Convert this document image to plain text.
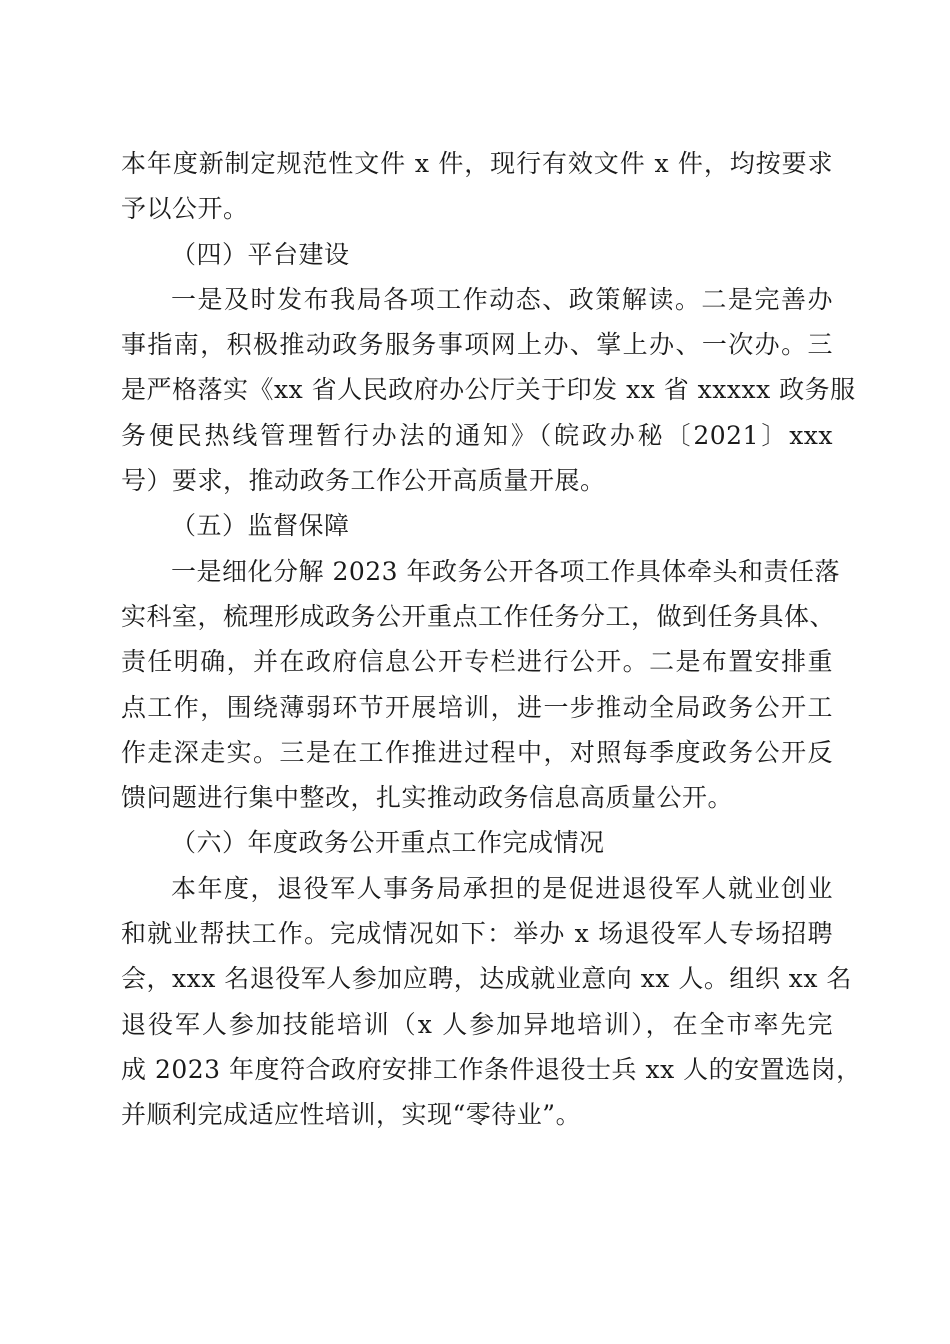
本年度新制定规范性文件 x 件，现行有效文件 x 件，均按要求
予以公开。
（四）平台建设
一是及时发布我局各项工作动态、政策解读。二是完善办
事指南，积极推动政务服务事项网上办、掌上办、一次办。三
是严格落实《xx 省人民政府办公厅关于印发 xx 省 xxxxx 政务服
务便民热线管理暂行办法的通知》（皖政办秘〔2021〕xxx
号）要求，推动政务工作公开高质量开展。
（五）监督保障
一是细化分解 2023 年政务公开各项工作具体牵头和责任落
实科室，梳理形成政务公开重点工作任务分工，做到任务具体、
责任明确，并在政府信息公开专栏进行公开。二是布置安排重
点工作，围绕薄弱环节开展培训，进一步推动全局政务公开工
作走深走实。三是在工作推进过程中，对照每季度政务公开反
馈问题进行集中整改，扎实推动政务信息高质量公开。
（六）年度政务公开重点工作完成情况
本年度，退役军人事务局承担的是促进退役军人就业创业
和就业帮扶工作。完成情况如下：举办 x 场退役军人专场招聘
会，xxx 名退役军人参加应聘，达成就业意向 xx 人。组织 xx 名
退役军人参加技能培训（x 人参加异地培训），在全市率先完
成 2023 年度符合政府安排工作条件退役士兵 xx 人的安置选岗，
并顺利完成适应性培训，实现“零待业”。
